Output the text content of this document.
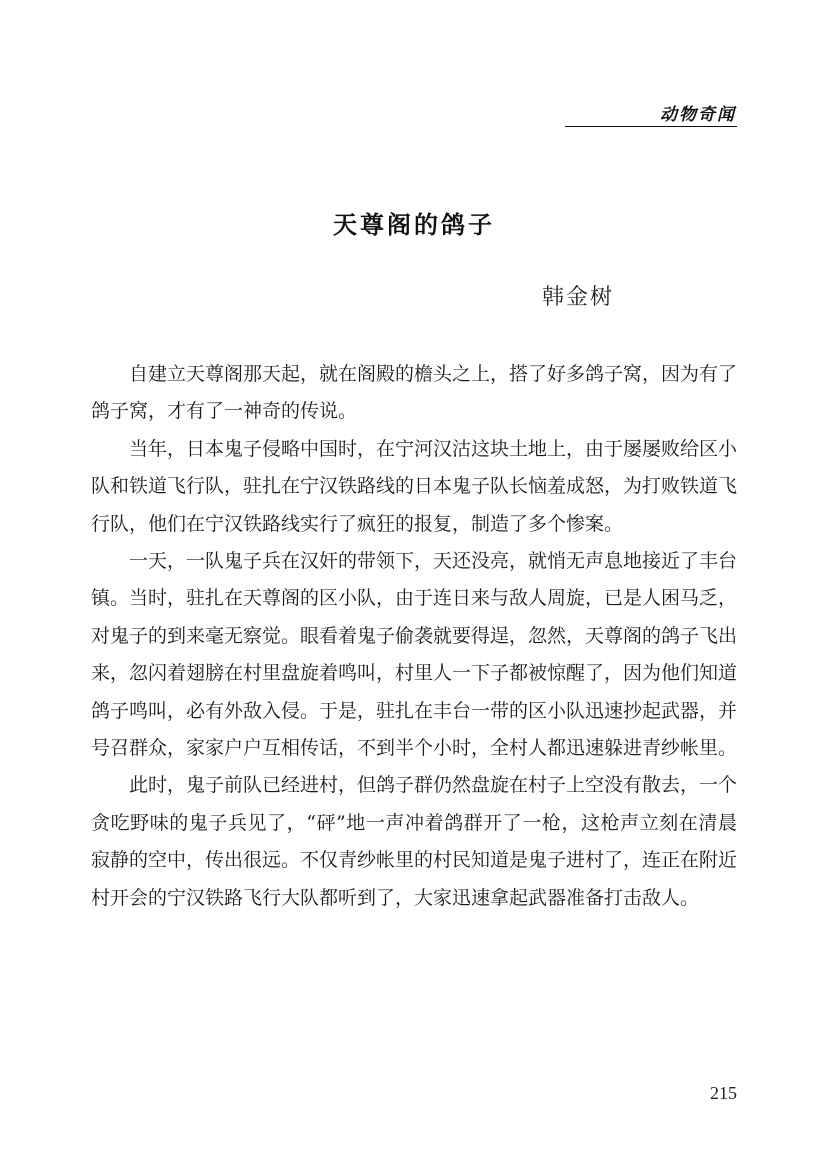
动物奇闻
天尊阁的鸽子
韩金树

自建立天尊阁那天起，就在阁殿的檐头之上，搭了好多鸽子窝，因为有了鸽子窝，才有了一神奇的传说。

当年，日本鬼子侵略中国时，在宁河汉沽这块土地上，由于屡屡败给区小队和铁道飞行队，驻扎在宁汉铁路线的日本鬼子队长恼羞成怒，为打败铁道飞行队，他们在宁汉铁路线实行了疯狂的报复，制造了多个惨案。

一天，一队鬼子兵在汉奸的带领下，天还没亮，就悄无声息地接近了丰台镇。当时，驻扎在天尊阁的区小队，由于连日来与敌人周旋，已是人困马乏，对鬼子的到来毫无察觉。眼看着鬼子偷袭就要得逞，忽然，天尊阁的鸽子飞出来，忽闪着翅膀在村里盘旋着鸣叫，村里人一下子都被惊醒了，因为他们知道鸽子鸣叫，必有外敌入侵。于是，驻扎在丰台一带的区小队迅速抄起武器，并号召群众，家家户户互相传话，不到半个小时，全村人都迅速躲进青纱帐里。

此时，鬼子前队已经进村，但鸽子群仍然盘旋在村子上空没有散去，一个贪吃野味的鬼子兵见了，“砰”地一声冲着鸽群开了一枪，这枪声立刻在清晨寂静的空中，传出很远。不仅青纱帐里的村民知道是鬼子进村了，连正在附近村开会的宁汉铁路飞行大队都听到了，大家迅速拿起武器准备打击敌人。

215
